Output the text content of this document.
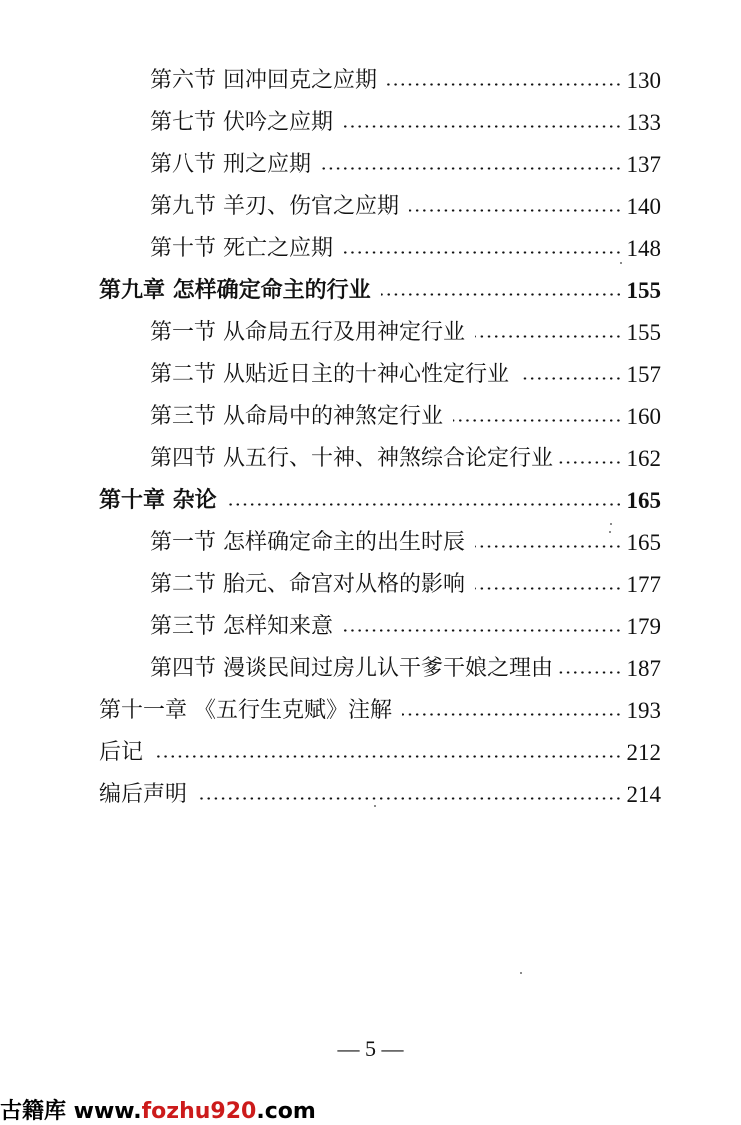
第六节 回冲回克之应期	130
第七节 伏吟之应期	133
第八节 刑之应期	137
第九节 羊刃、伤官之应期	140
第十节 死亡之应期	148
第九章 怎样确定命主的行业	155
第一节 从命局五行及用神定行业	155
第二节 从贴近日主的十神心性定行业	157
第三节 从命局中的神煞定行业	160
第四节 从五行、十神、神煞综合论定行业	162
第十章 杂论	165
第一节 怎样确定命主的出生时辰	165
第二节 胎元、命宫对从格的影响	177
第三节 怎样知来意	179
第四节 漫谈民间过房儿认干爹干娘之理由	187
第十一章 《五行生克赋》注解	193
后记	212
编后声明	214
— 5 —
古籍库 www.fozhu920.com
